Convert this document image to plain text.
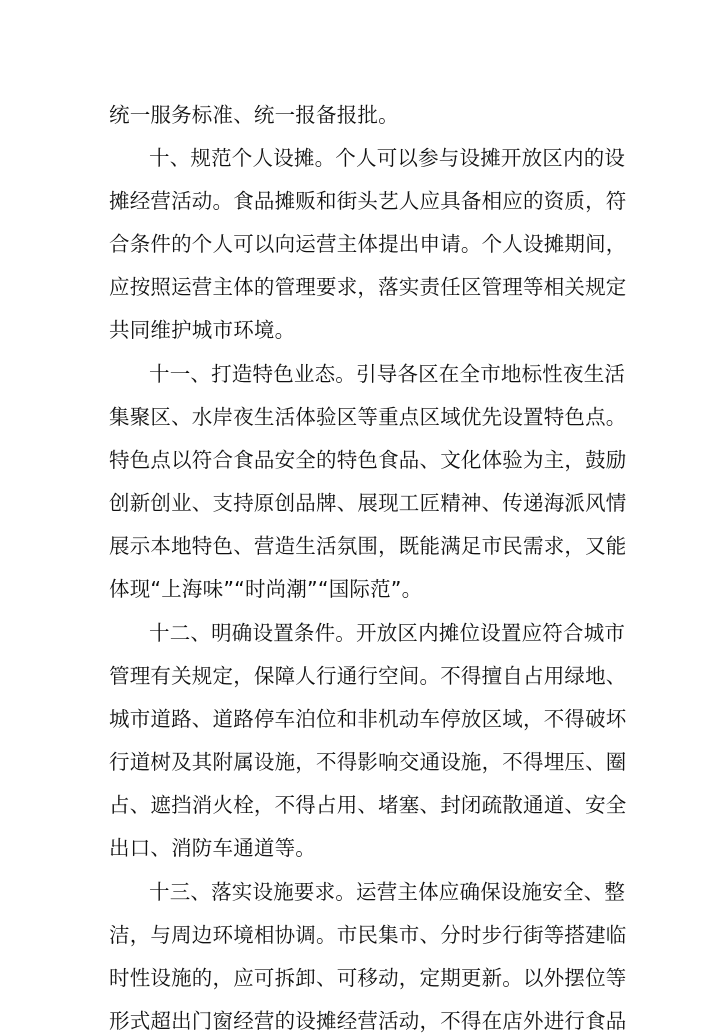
统一服务标准、统一报备报批。
十、规范个人设摊。个人可以参与设摊开放区内的设
摊经营活动。食品摊贩和街头艺人应具备相应的资质，符
合条件的个人可以向运营主体提出申请。个人设摊期间，
应按照运营主体的管理要求，落实责任区管理等相关规定
共同维护城市环境。
十一、打造特色业态。引导各区在全市地标性夜生活
集聚区、水岸夜生活体验区等重点区域优先设置特色点。
特色点以符合食品安全的特色食品、文化体验为主，鼓励
创新创业、支持原创品牌、展现工匠精神、传递海派风情
展示本地特色、营造生活氛围，既能满足市民需求，又能
体现“上海味”“时尚潮”“国际范”。
十二、明确设置条件。开放区内摊位设置应符合城市
管理有关规定，保障人行通行空间。不得擅自占用绿地、
城市道路、道路停车泊位和非机动车停放区域，不得破坏
行道树及其附属设施，不得影响交通设施，不得埋压、圈
占、遮挡消火栓，不得占用、堵塞、封闭疏散通道、安全
出口、消防车通道等。
十三、落实设施要求。运营主体应确保设施安全、整
洁，与周边环境相协调。市民集市、分时步行街等搭建临
时性设施的，应可拆卸、可移动，定期更新。以外摆位等
形式超出门窗经营的设摊经营活动，不得在店外进行食品
